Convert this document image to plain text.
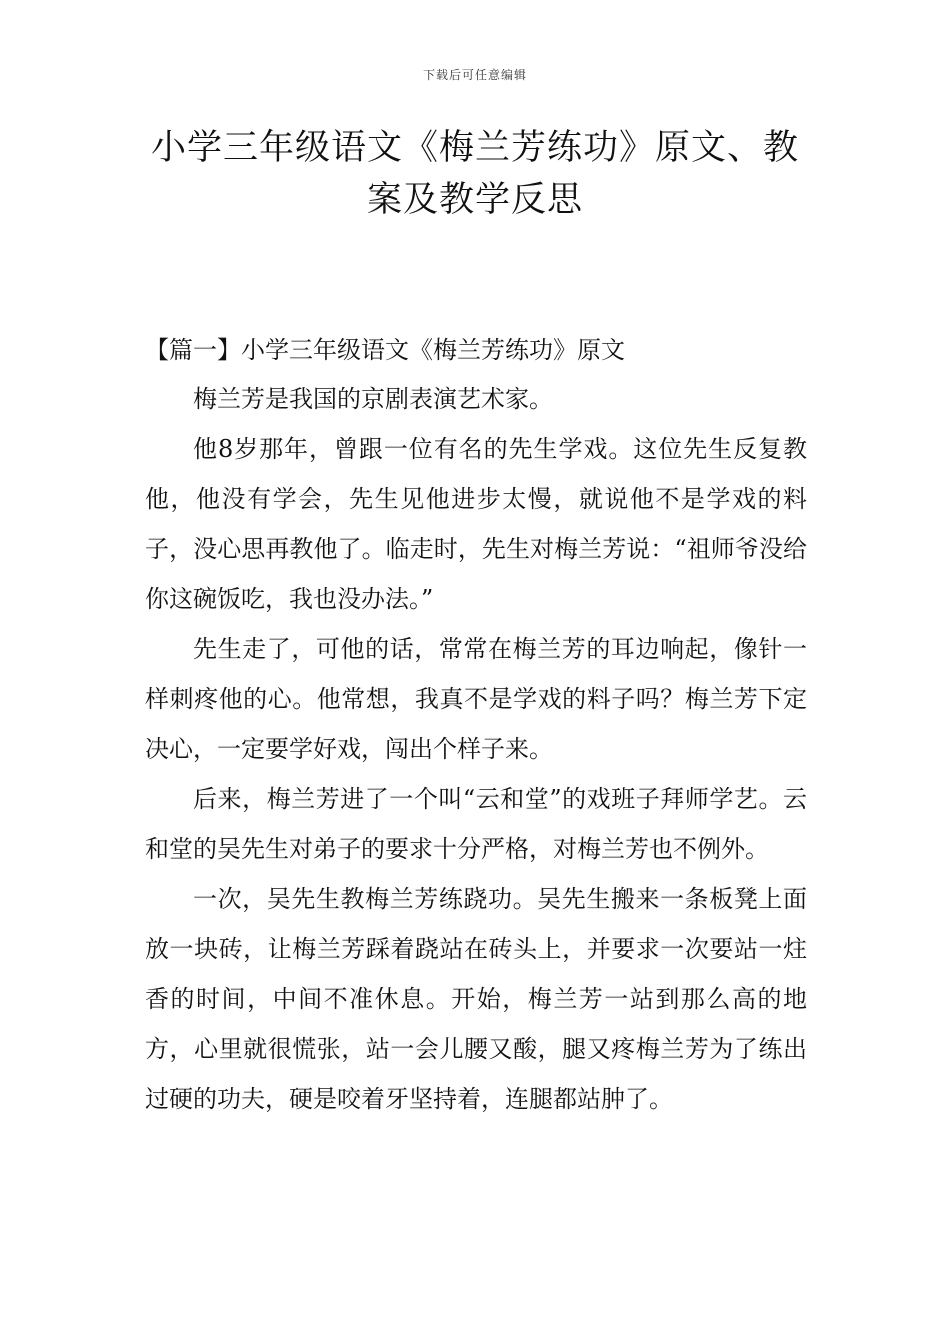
下载后可任意编辑
小学三年级语文《梅兰芳练功》原文、教案及教学反思
【篇一】小学三年级语文《梅兰芳练功》原文

梅兰芳是我国的京剧表演艺术家。

他8岁那年，曾跟一位有名的先生学戏。这位先生反复教他，他没有学会，先生见他进步太慢，就说他不是学戏的料子，没心思再教他了。临走时，先生对梅兰芳说：“祖师爷没给你这碗饭吃，我也没办法。”

先生走了，可他的话，常常在梅兰芳的耳边响起，像针一样刺疼他的心。他常想，我真不是学戏的料子吗？梅兰芳下定决心，一定要学好戏，闯出个样子来。

后来，梅兰芳进了一个叫“云和堂”的戏班子拜师学艺。云和堂的吴先生对弟子的要求十分严格，对梅兰芳也不例外。

一次，吴先生教梅兰芳练跷功。吴先生搬来一条板凳上面放一块砖，让梅兰芳踩着跷站在砖头上，并要求一次要站一炷香的时间，中间不准休息。开始，梅兰芳一站到那么高的地方，心里就很慌张，站一会儿腰又酸，腿又疼梅兰芳为了练出过硬的功夫，硬是咬着牙坚持着，连腿都站肿了。
